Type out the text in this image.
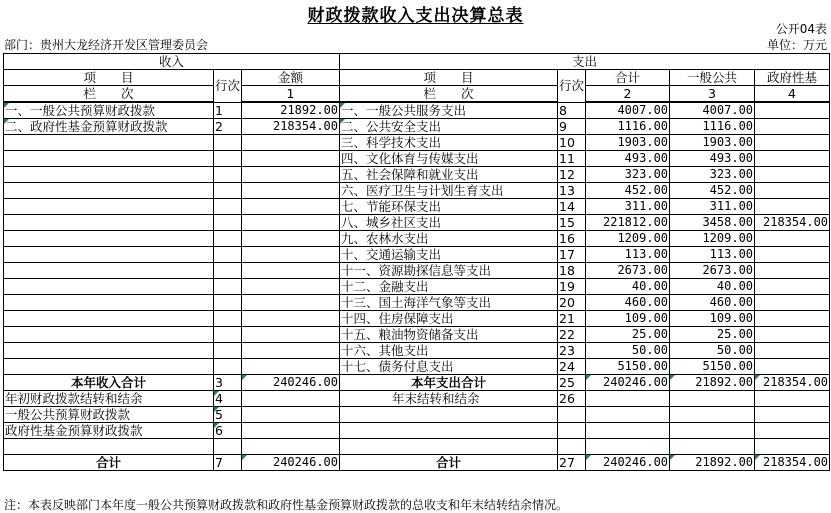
财政拨款收入支出决算总表
公开04表
部门：贵州大龙经济开发区管理委员会	单位：万元
收入			支出				
项　　目	行次	金额	项　　目	行次	合计	一般公共	政府性基
栏　　次		1	栏　　次		2	3	4
一、一般公共预算财政拨款	1	21892.00	一、一般公共服务支出	8	4007.00	4007.00	
二、政府性基金预算财政拨款	2	218354.00	二、公共安全支出	9	1116.00	1116.00	
			三、科学技术支出	10	1903.00	1903.00	
			四、文化体育与传媒支出	11	493.00	493.00	
			五、社会保障和就业支出	12	323.00	323.00	
			六、医疗卫生与计划生育支出	13	452.00	452.00	
			七、节能环保支出	14	311.00	311.00	
			八、城乡社区支出	15	221812.00	3458.00	218354.00
			九、农林水支出	16	1209.00	1209.00	
			十、交通运输支出	17	113.00	113.00	
			十一、资源勘探信息等支出	18	2673.00	2673.00	
			十二、金融支出	19	40.00	40.00	
			十三、国土海洋气象等支出	20	460.00	460.00	
			十四、住房保障支出	21	109.00	109.00	
			十五、粮油物资储备支出	22	25.00	25.00	
			十六、其他支出	23	50.00	50.00	
			十七、债务付息支出	24	5150.00	5150.00	
本年收入合计	3	240246.00	本年支出合计	25	240246.00	21892.00	218354.00
年初财政拨款结转和结余	4		年末结转和结余	26			
一般公共预算财政拨款	5						
政府性基金预算财政拨款	6						

合计	7	240246.00	合计	27	240246.00	21892.00	218354.00
注：本表反映部门本年度一般公共预算财政拨款和政府性基金预算财政拨款的总收支和年末结转结余情况。
